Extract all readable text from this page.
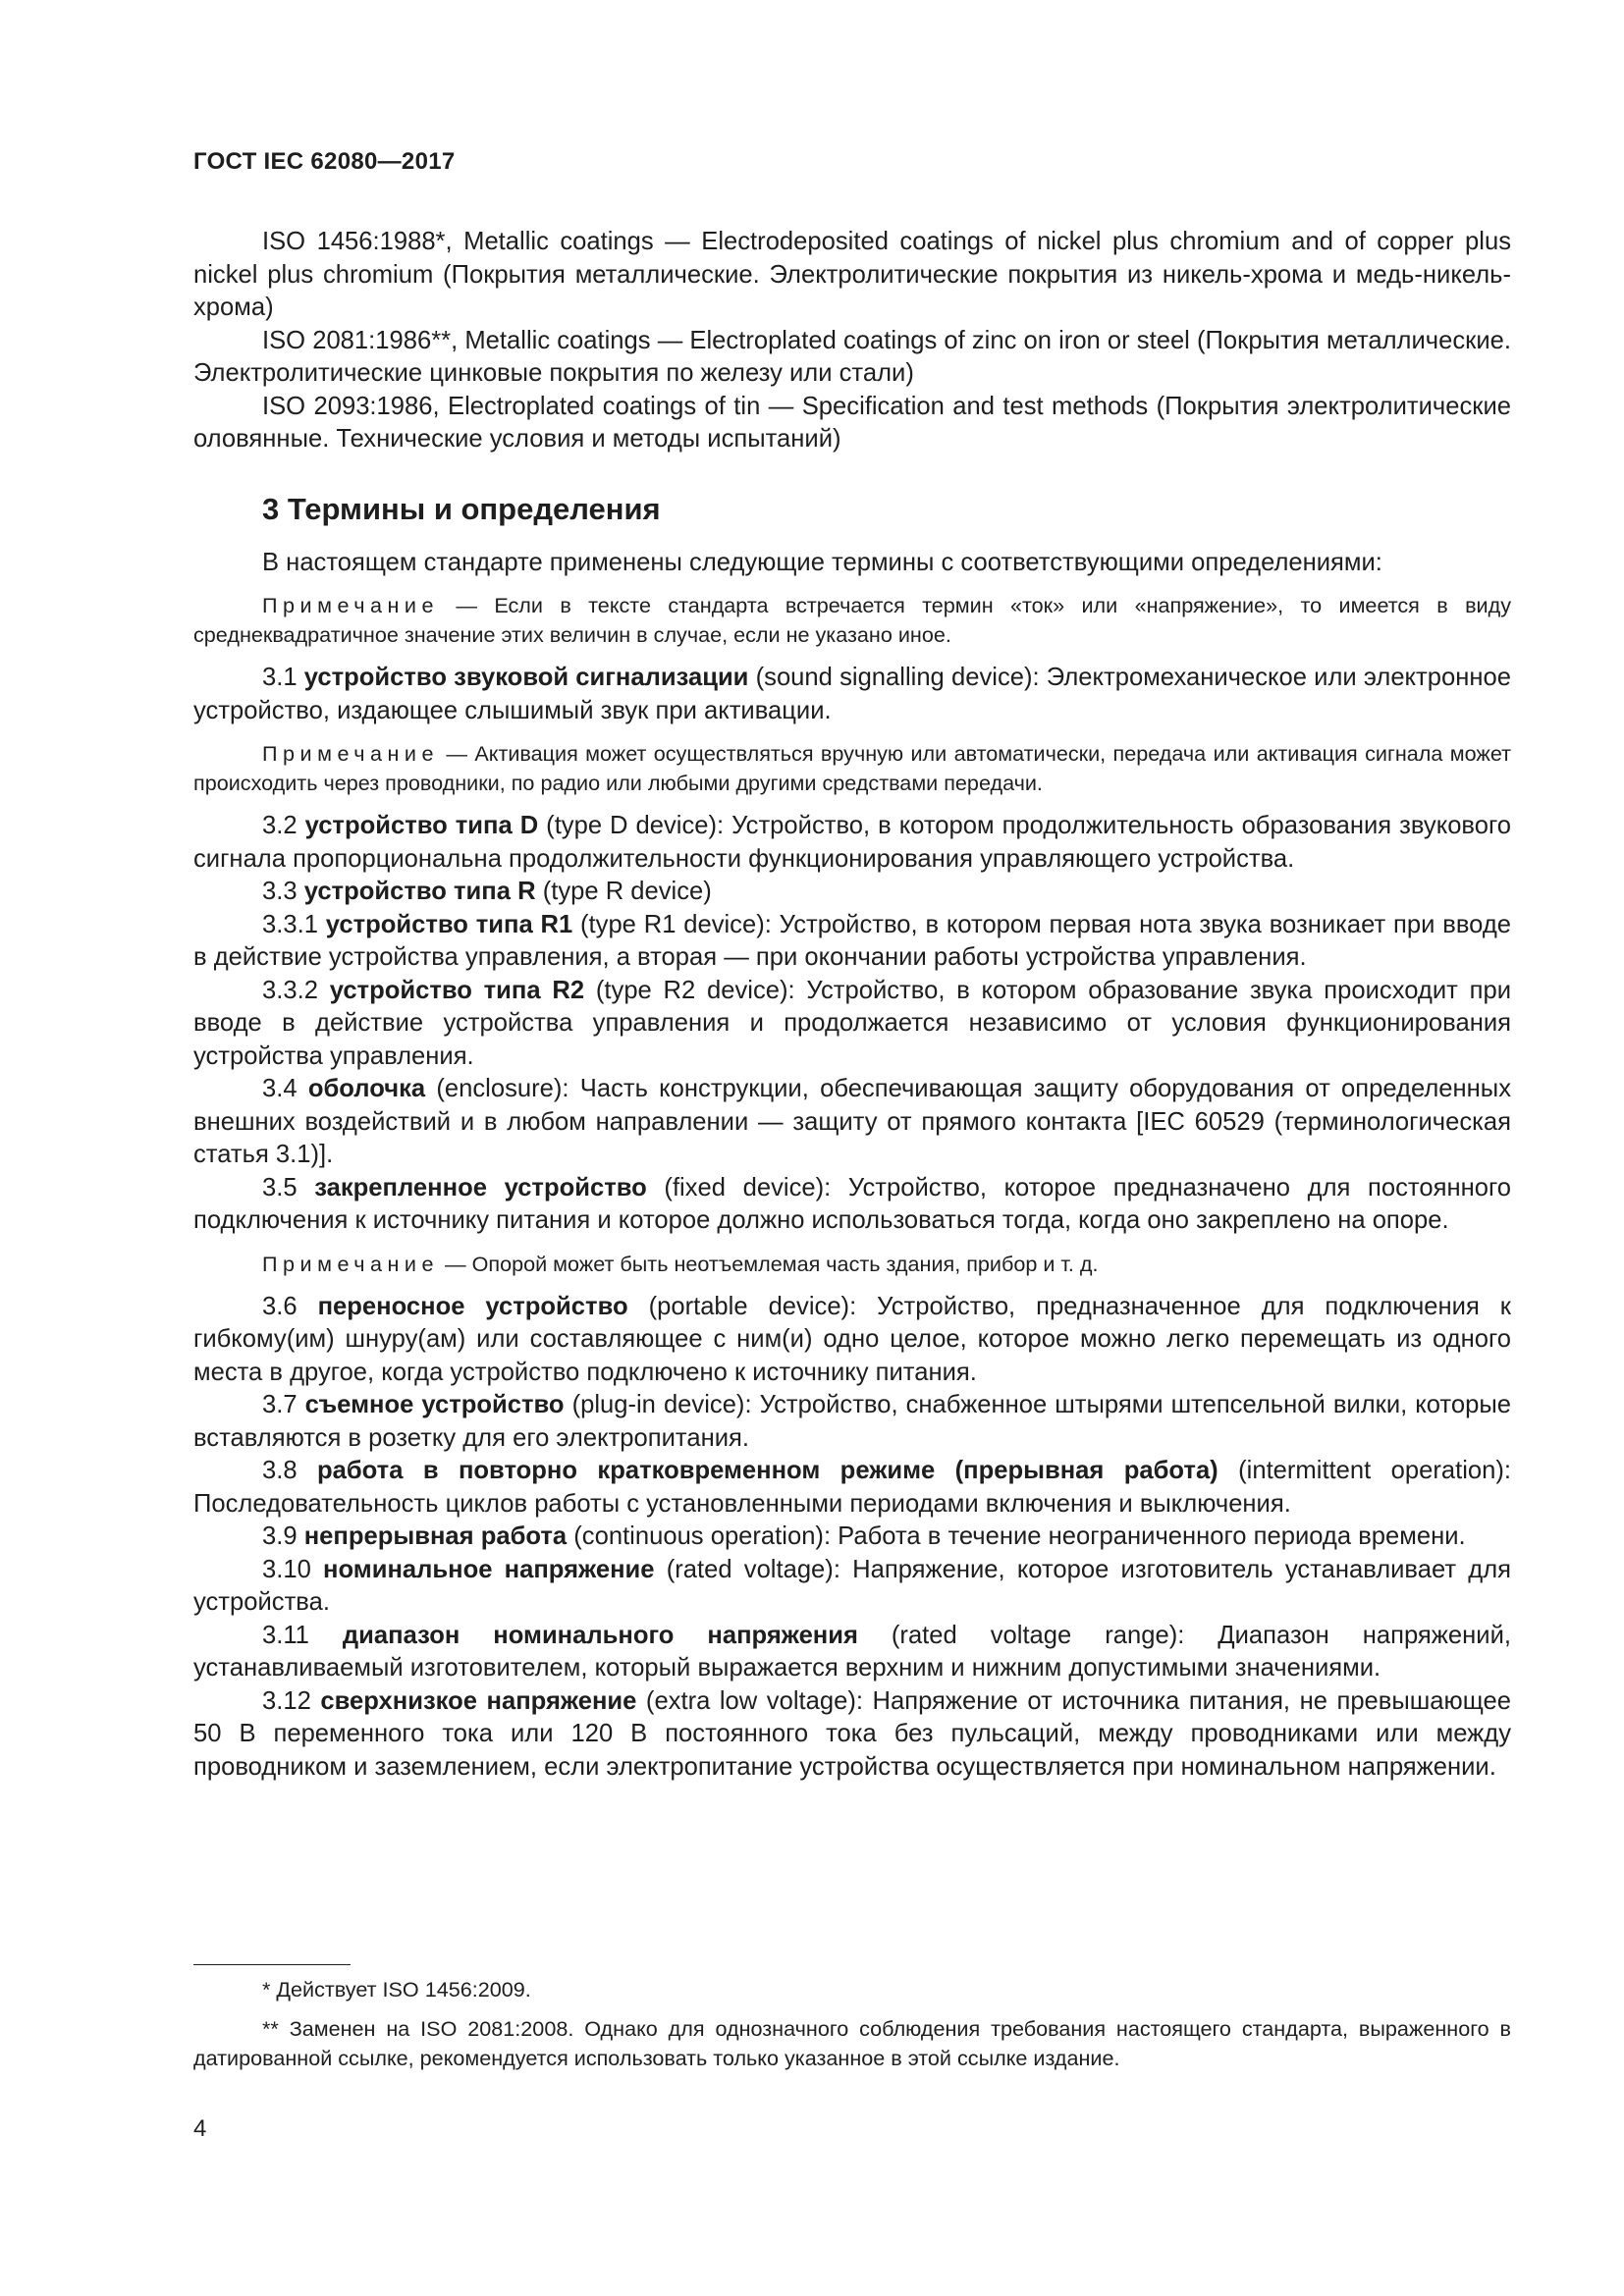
ГОСТ IEC 62080—2017

ISO 1456:1988*, Metallic coatings — Electrodeposited coatings of nickel plus chromium and of copper plus nickel plus chromium (Покрытия металлические. Электролитические покрытия из никель-хрома и медь-никель-хрома)

ISO 2081:1986**, Metallic coatings — Electroplated coatings of zinc on iron or steel (Покрытия металлические. Электролитические цинковые покрытия по железу или стали)

ISO 2093:1986, Electroplated coatings of tin — Specification and test methods (Покрытия электролитические оловянные. Технические условия и методы испытаний)

3 Термины и определения

В настоящем стандарте применены следующие термины с соответствующими определениями:

Примечание — Если в тексте стандарта встречается термин «ток» или «напряжение», то имеется в виду среднеквадратичное значение этих величин в случае, если не указано иное.

3.1 устройство звуковой сигнализации (sound signalling device): Электромеханическое или электронное устройство, издающее слышимый звук при активации.

Примечание — Активация может осуществляться вручную или автоматически, передача или активация сигнала может происходить через проводники, по радио или любыми другими средствами передачи.

3.2 устройство типа D (type D device): Устройство, в котором продолжительность образования звукового сигнала пропорциональна продолжительности функционирования управляющего устройства.

3.3 устройство типа R (type R device)

3.3.1 устройство типа R1 (type R1 device): Устройство, в котором первая нота звука возникает при вводе в действие устройства управления, а вторая — при окончании работы устройства управления.

3.3.2 устройство типа R2 (type R2 device): Устройство, в котором образование звука происходит при вводе в действие устройства управления и продолжается независимо от условия функционирования устройства управления.

3.4 оболочка (enclosure): Часть конструкции, обеспечивающая защиту оборудования от определенных внешних воздействий и в любом направлении — защиту от прямого контакта [IEC 60529 (терминологическая статья 3.1)].

3.5 закрепленное устройство (fixed device): Устройство, которое предназначено для постоянного подключения к источнику питания и которое должно использоваться тогда, когда оно закреплено на опоре.

Примечание — Опорой может быть неотъемлемая часть здания, прибор и т. д.

3.6 переносное устройство (portable device): Устройство, предназначенное для подключения к гибкому(им) шнуру(ам) или составляющее с ним(и) одно целое, которое можно легко перемещать из одного места в другое, когда устройство подключено к источнику питания.

3.7 съемное устройство (plug-in device): Устройство, снабженное штырями штепсельной вилки, которые вставляются в розетку для его электропитания.

3.8 работа в повторно кратковременном режиме (прерывная работа) (intermittent operation): Последовательность циклов работы с установленными периодами включения и выключения.

3.9 непрерывная работа (continuous operation): Работа в течение неограниченного периода времени.

3.10 номинальное напряжение (rated voltage): Напряжение, которое изготовитель устанавливает для устройства.

3.11 диапазон номинального напряжения (rated voltage range): Диапазон напряжений, устанавливаемый изготовителем, который выражается верхним и нижним допустимыми значениями.

3.12 сверхнизкое напряжение (extra low voltage): Напряжение от источника питания, не превышающее 50 В переменного тока или 120 В постоянного тока без пульсаций, между проводниками или между проводником и заземлением, если электропитание устройства осуществляется при номинальном напряжении.

* Действует ISO 1456:2009.

** Заменен на ISO 2081:2008. Однако для однозначного соблюдения требования настоящего стандарта, выраженного в датированной ссылке, рекомендуется использовать только указанное в этой ссылке издание.

4
